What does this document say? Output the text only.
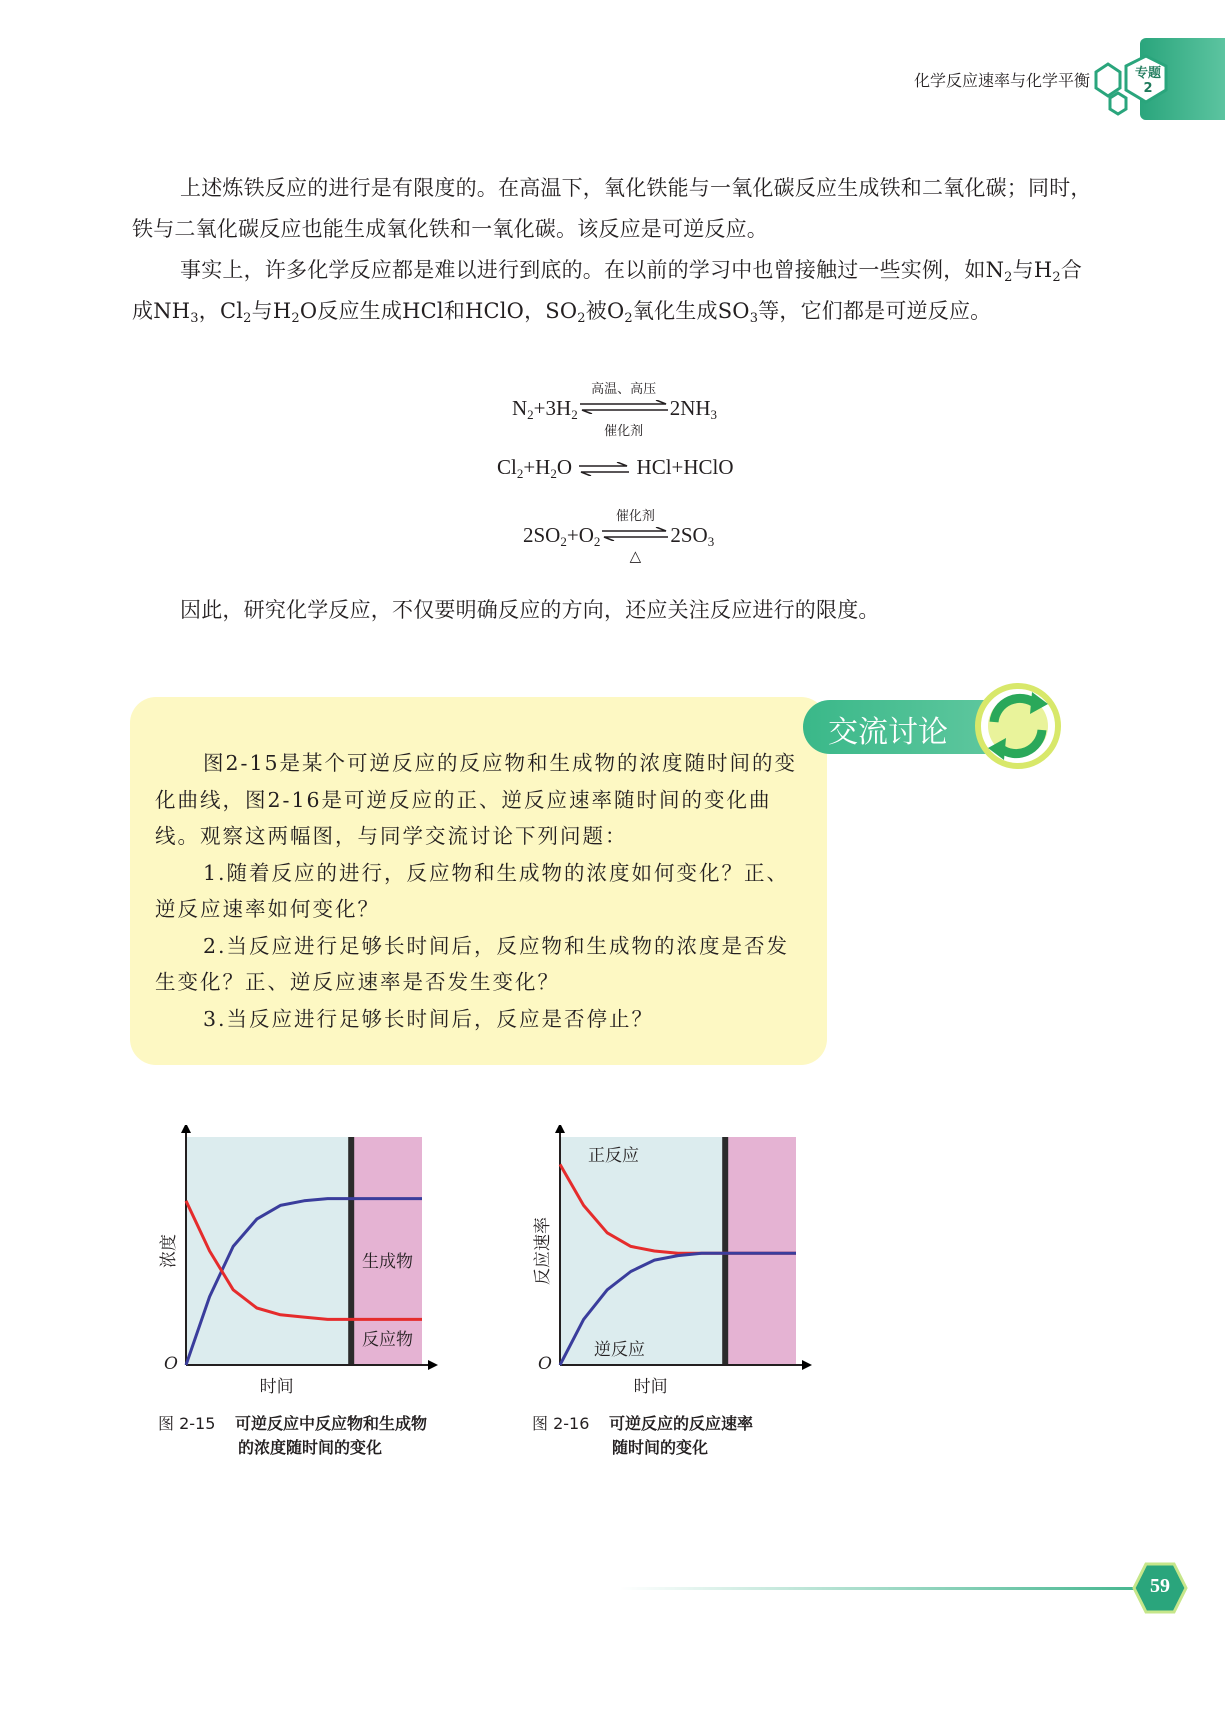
化学反应速率与化学平衡	专题
2

上述炼铁反应的进行是有限度的。在高温下，氧化铁能与一氧化碳反应生成铁和二氧化碳；同时，铁与二氧化碳反应也能生成氧化铁和一氧化碳。该反应是可逆反应。

事实上，许多化学反应都是难以进行到底的。在以前的学习中也曾接触过一些实例，如$N_2$与$H_2$合成$NH_3$，$Cl_2$与$H_2O$反应生成HCl和HClO，$SO_2$被$O_2$氧化生成$SO_3$等，它们都是可逆反应。

$N_2+3H_2$
高温、高压
催化剂
$2NH_3$
$Cl_2+H_2O$ ⇌ HCl+HClO
$2SO_2+O_2$
催化剂
△
$2SO_3$

因此，研究化学反应，不仅要明确反应的方向，还应关注反应进行的限度。

交流讨论

图2-15是某个可逆反应的反应物和生成物的浓度随时间的变化曲线，图2-16是可逆反应的正、逆反应速率随时间的变化曲线。观察这两幅图，与同学交流讨论下列问题：

1.随着反应的进行，反应物和生成物的浓度如何变化？正、逆反应速率如何变化？

2.当反应进行足够长时间后，反应物和生成物的浓度是否发生变化？正、逆反应速率是否发生变化？

3.当反应进行足够长时间后，反应是否停止？

O
时间
浓度	生成物
反应物
图 2-15 可逆反应中反应物和生成物
的浓度随时间的变化
O
时间
反应速率
正反应
逆反应
图 2-16 可逆反应的反应速率
随时间的变化
59
